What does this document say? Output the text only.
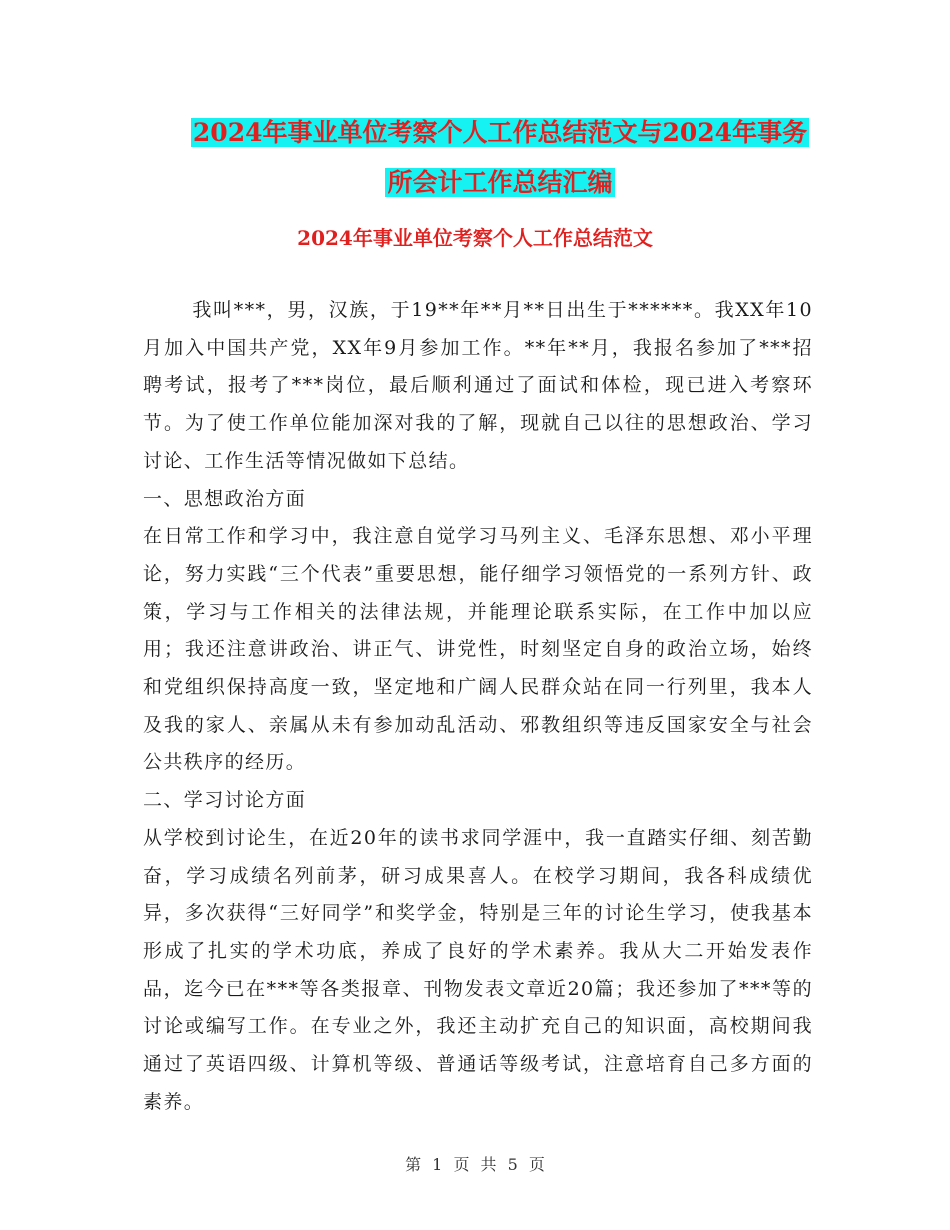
2024年事业单位考察个人工作总结范文与2024年事务
所会计工作总结汇编
2024年事业单位考察个人工作总结范文

我叫***，男，汉族，于19**年**月**日出生于******。我XX年10月加入中国共产党，XX年9月参加工作。**年**月，我报名参加了***招聘考试，报考了***岗位，最后顺利通过了面试和体检，现已进入考察环节。为了使工作单位能加深对我的了解，现就自己以往的思想政治、学习讨论、工作生活等情况做如下总结。

一、思想政治方面

在日常工作和学习中，我注意自觉学习马列主义、毛泽东思想、邓小平理论，努力实践“三个代表”重要思想，能仔细学习领悟党的一系列方针、政策，学习与工作相关的法律法规，并能理论联系实际，在工作中加以应用；我还注意讲政治、讲正气、讲党性，时刻坚定自身的政治立场，始终和党组织保持高度一致，坚定地和广阔人民群众站在同一行列里，我本人及我的家人、亲属从未有参加动乱活动、邪教组织等违反国家安全与社会公共秩序的经历。

二、学习讨论方面

从学校到讨论生，在近20年的读书求同学涯中，我一直踏实仔细、刻苦勤奋，学习成绩名列前茅，研习成果喜人。在校学习期间，我各科成绩优异，多次获得“三好同学”和奖学金，特别是三年的讨论生学习，使我基本形成了扎实的学术功底，养成了良好的学术素养。我从大二开始发表作品，迄今已在***等各类报章、刊物发表文章近20篇；我还参加了***等的讨论或编写工作。在专业之外，我还主动扩充自己的知识面，高校期间我通过了英语四级、计算机等级、普通话等级考试，注意培育自己多方面的素养。

第 1 页 共 5 页
